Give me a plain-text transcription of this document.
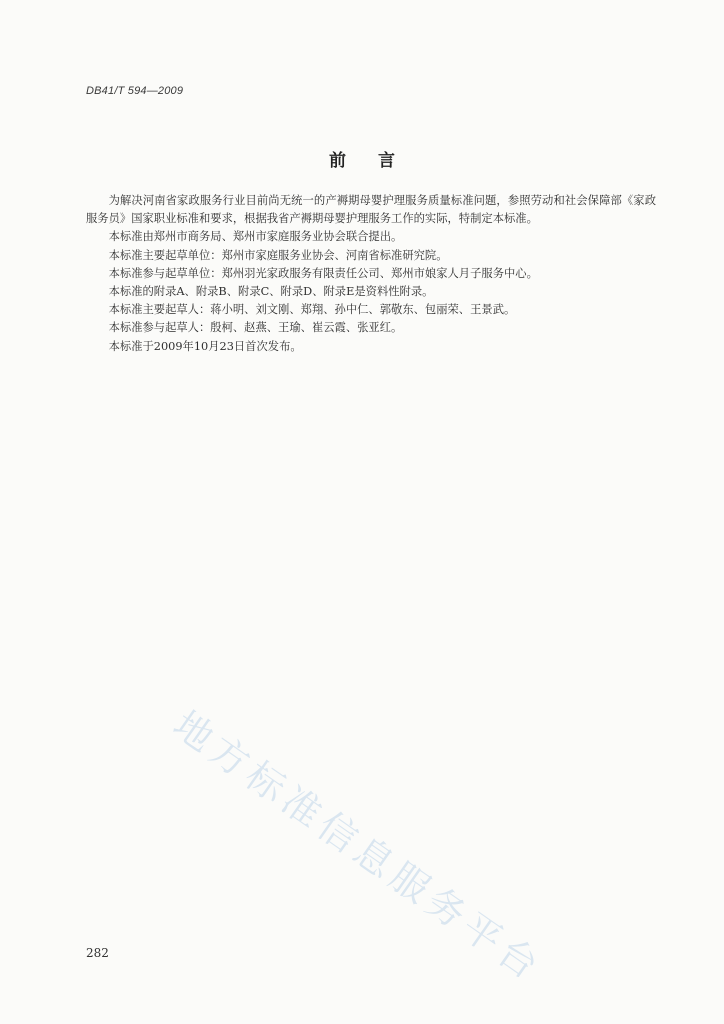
DB41/T 594—2009
前 言

为解决河南省家政服务行业目前尚无统一的产褥期母婴护理服务质量标准问题，参照劳动和社会保障部《家政服务员》国家职业标准和要求，根据我省产褥期母婴护理服务工作的实际，特制定本标准。

本标准由郑州市商务局、郑州市家庭服务业协会联合提出。

本标准主要起草单位：郑州市家庭服务业协会、河南省标准研究院。

本标准参与起草单位：郑州羽光家政服务有限责任公司、郑州市娘家人月子服务中心。

本标准的附录A、附录B、附录C、附录D、附录E是资料性附录。

本标准主要起草人：蒋小明、刘文刚、郑翔、孙中仁、郭敬东、包丽荣、王景武。

本标准参与起草人：殷柯、赵燕、王瑜、崔云霞、张亚红。

本标准于2009年10月23日首次发布。

地方标准信息服务平台
282
